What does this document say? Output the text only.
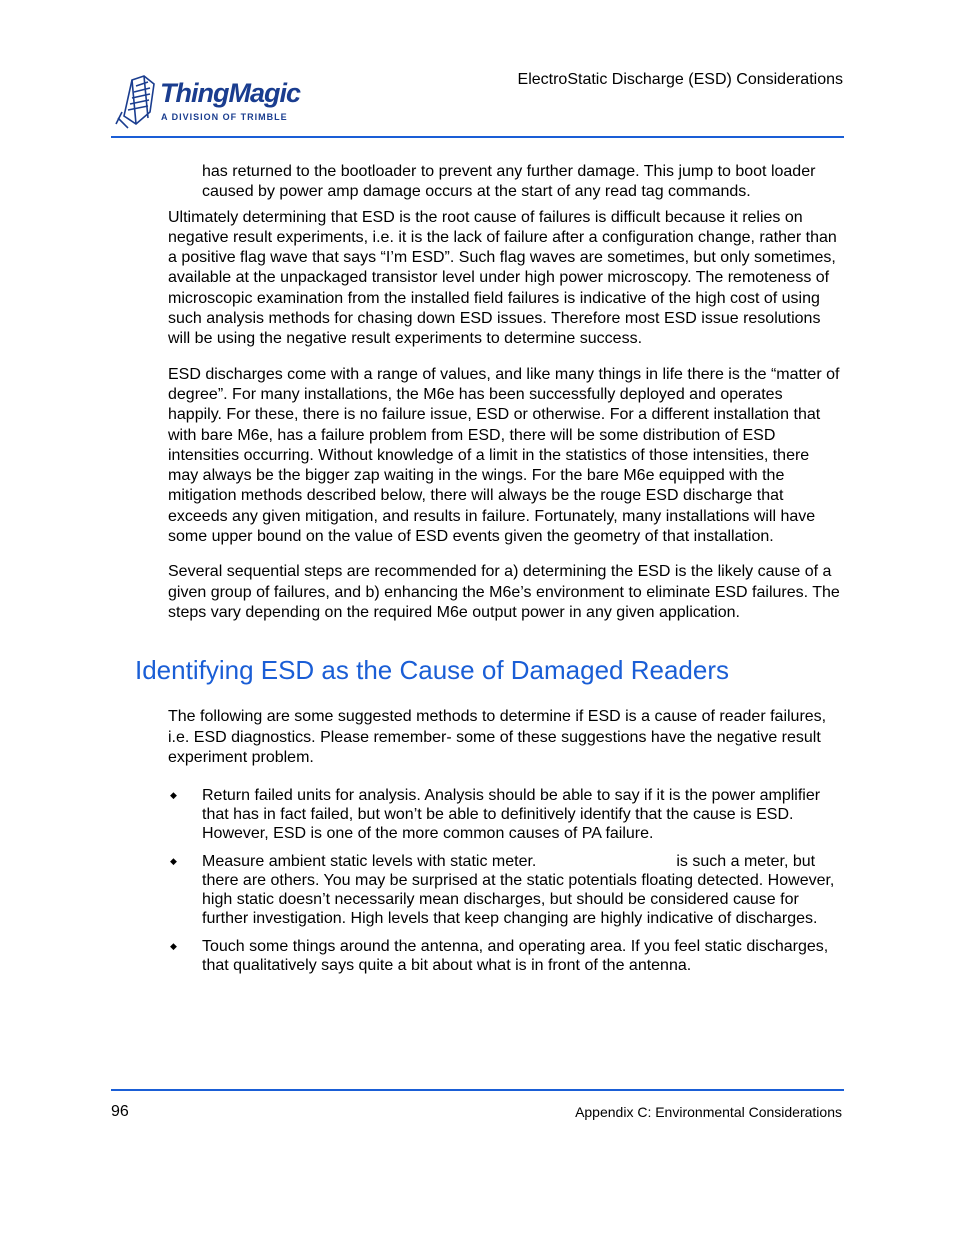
ThingMagic
A DIVISION OF TRIMBLE
ElectroStatic Discharge (ESD) Considerations

has returned to the bootloader to prevent any further damage. This jump to boot loader caused by power amp damage occurs at the start of any read tag commands.

Ultimately determining that ESD is the root cause of failures is difficult because it relies on negative result experiments, i.e. it is the lack of failure after a configuration change, rather than a positive flag wave that says “I’m ESD”. Such flag waves are sometimes, but only sometimes, available at the unpackaged transistor level under high power microscopy. The remoteness of microscopic examination from the installed field failures is indicative of the high cost of using such analysis methods for chasing down ESD issues. Therefore most ESD issue resolutions will be using the negative result experiments to determine success.

ESD discharges come with a range of values, and like many things in life there is the “matter of degree”. For many installations, the M6e has been successfully deployed and operates happily. For these, there is no failure issue, ESD or otherwise. For a different installation that with bare M6e, has a failure problem from ESD, there will be some distribution of ESD intensities occurring. Without knowledge of a limit in the statistics of those intensities, there may always be the bigger zap waiting in the wings. For the bare M6e equipped with the mitigation methods described below, there will always be the rouge ESD discharge that exceeds any given mitigation, and results in failure. Fortunately, many installations will have some upper bound on the value of ESD events given the geometry of that installation.

Several sequential steps are recommended for a) determining the ESD is the likely cause of a given group of failures, and b) enhancing the M6e’s environment to eliminate ESD failures. The steps vary depending on the required M6e output power in any given application.

Identifying ESD as the Cause of Damaged Readers

The following are some suggested methods to determine if ESD is a cause of reader failures, i.e. ESD diagnostics. Please remember- some of these suggestions have the negative result experiment problem.

◆ Return failed units for analysis. Analysis should be able to say if it is the power amplifier that has in fact failed, but won’t be able to definitively identify that the cause is ESD. However, ESD is one of the more common causes of PA failure.
◆ Measure ambient static levels with static meter.	is such a meter, but there are others. You may be surprised at the static potentials floating detected. However, high static doesn’t necessarily mean discharges, but should be considered cause for further investigation. High levels that keep changing are highly indicative of discharges.
◆ Touch some things around the antenna, and operating area. If you feel static discharges, that qualitatively says quite a bit about what is in front of the antenna.
96	Appendix C: Environmental Considerations
